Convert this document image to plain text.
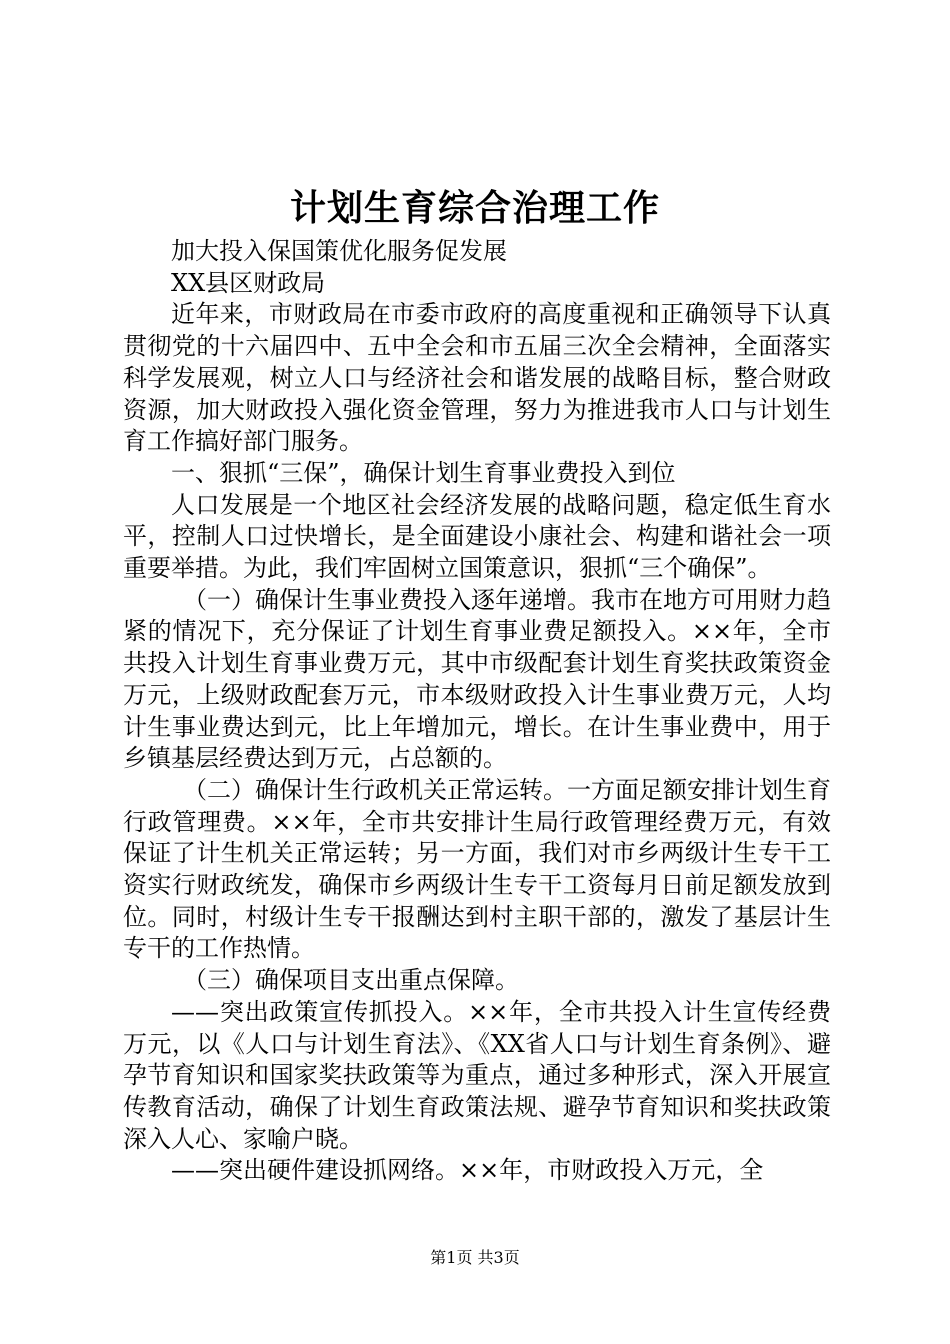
计划生育综合治理工作

加大投入保国策优化服务促发展

XX县区财政局

近年来，市财政局在市委市政府的高度重视和正确领导下认真贯彻党的十六届四中、五中全会和市五届三次全会精神，全面落实科学发展观，树立人口与经济社会和谐发展的战略目标，整合财政资源，加大财政投入强化资金管理，努力为推进我市人口与计划生育工作搞好部门服务。

一、狠抓“三保”，确保计划生育事业费投入到位

人口发展是一个地区社会经济发展的战略问题，稳定低生育水平，控制人口过快增长，是全面建设小康社会、构建和谐社会一项重要举措。为此，我们牢固树立国策意识，狠抓“三个确保”。

（一）确保计生事业费投入逐年递增。我市在地方可用财力趋紧的情况下，充分保证了计划生育事业费足额投入。××年，全市共投入计划生育事业费万元，其中市级配套计划生育奖扶政策资金万元，上级财政配套万元，市本级财政投入计生事业费万元，人均计生事业费达到元，比上年增加元，增长。在计生事业费中，用于乡镇基层经费达到万元，占总额的。

（二）确保计生行政机关正常运转。一方面足额安排计划生育行政管理费。××年，全市共安排计生局行政管理经费万元，有效保证了计生机关正常运转；另一方面，我们对市乡两级计生专干工资实行财政统发，确保市乡两级计生专干工资每月日前足额发放到位。同时，村级计生专干报酬达到村主职干部的，激发了基层计生专干的工作热情。

（三）确保项目支出重点保障。

——突出政策宣传抓投入。××年，全市共投入计生宣传经费万元，以《人口与计划生育法》、《XX省人口与计划生育条例》、避孕节育知识和国家奖扶政策等为重点，通过多种形式，深入开展宣传教育活动，确保了计划生育政策法规、避孕节育知识和奖扶政策深入人心、家喻户晓。

——突出硬件建设抓网络。××年，市财政投入万元，全

第1页 共3页
